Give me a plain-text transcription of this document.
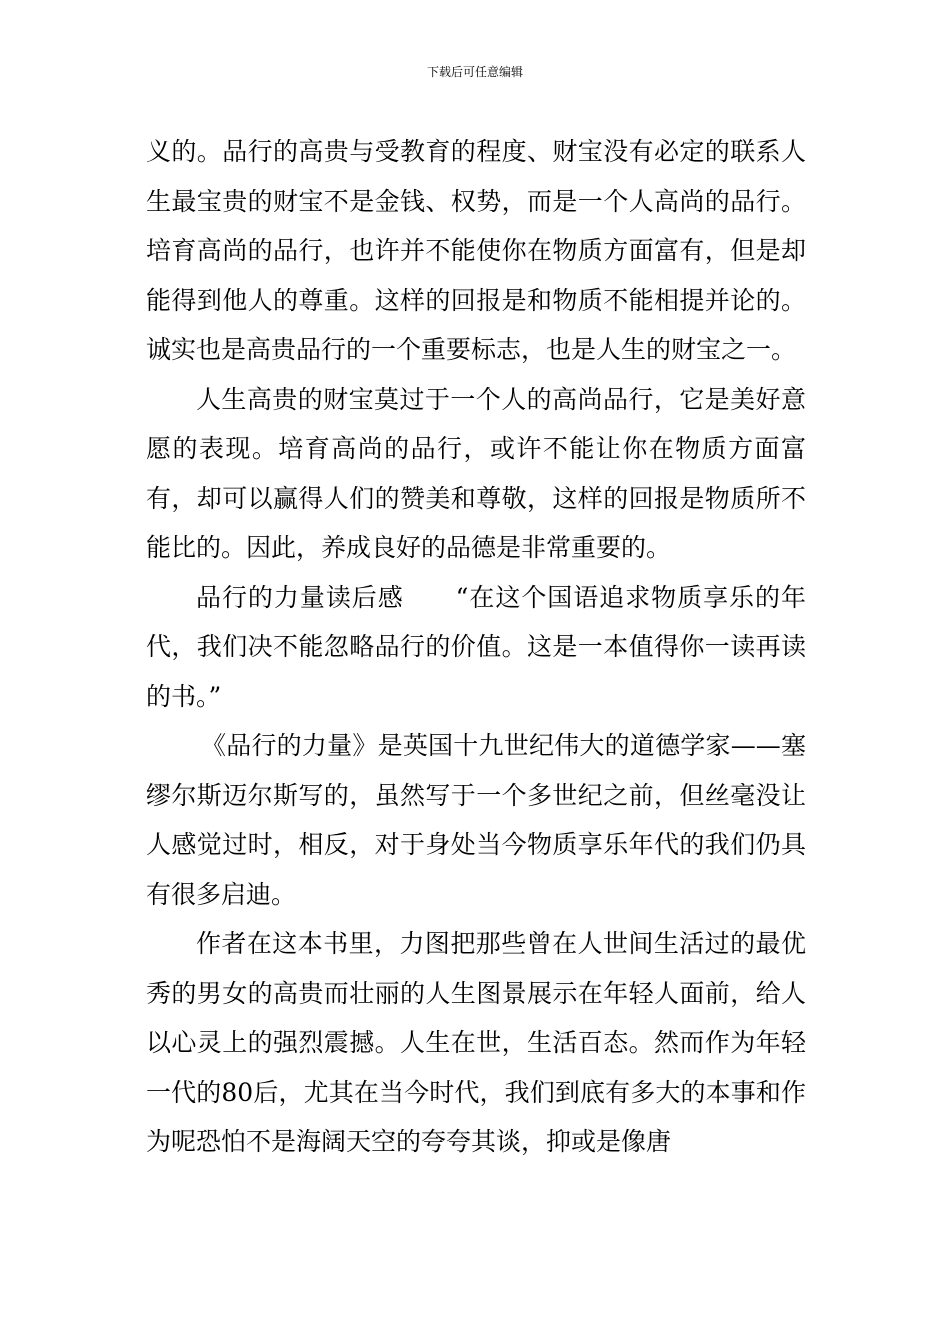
下载后可任意编辑

义的。品行的高贵与受教育的程度、财宝没有必定的联系人生最宝贵的财宝不是金钱、权势，而是一个人高尚的品行。培育高尚的品行，也许并不能使你在物质方面富有，但是却能得到他人的尊重。这样的回报是和物质不能相提并论的。诚实也是高贵品行的一个重要标志，也是人生的财宝之一。

人生高贵的财宝莫过于一个人的高尚品行，它是美好意愿的表现。培育高尚的品行，或许不能让你在物质方面富有，却可以赢得人们的赞美和尊敬，这样的回报是物质所不能比的。因此，养成良好的品德是非常重要的。

品行的力量读后感　　“在这个国语追求物质享乐的年代，我们决不能忽略品行的价值。这是一本值得你一读再读的书。”

《品行的力量》是英国十九世纪伟大的道德学家——塞缪尔斯迈尔斯写的，虽然写于一个多世纪之前，但丝毫没让人感觉过时，相反，对于身处当今物质享乐年代的我们仍具有很多启迪。

作者在这本书里，力图把那些曾在人世间生活过的最优秀的男女的高贵而壮丽的人生图景展示在年轻人面前，给人以心灵上的强烈震撼。人生在世，生活百态。然而作为年轻一代的80后，尤其在当今时代，我们到底有多大的本事和作为呢恐怕不是海阔天空的夸夸其谈，抑或是像唐
